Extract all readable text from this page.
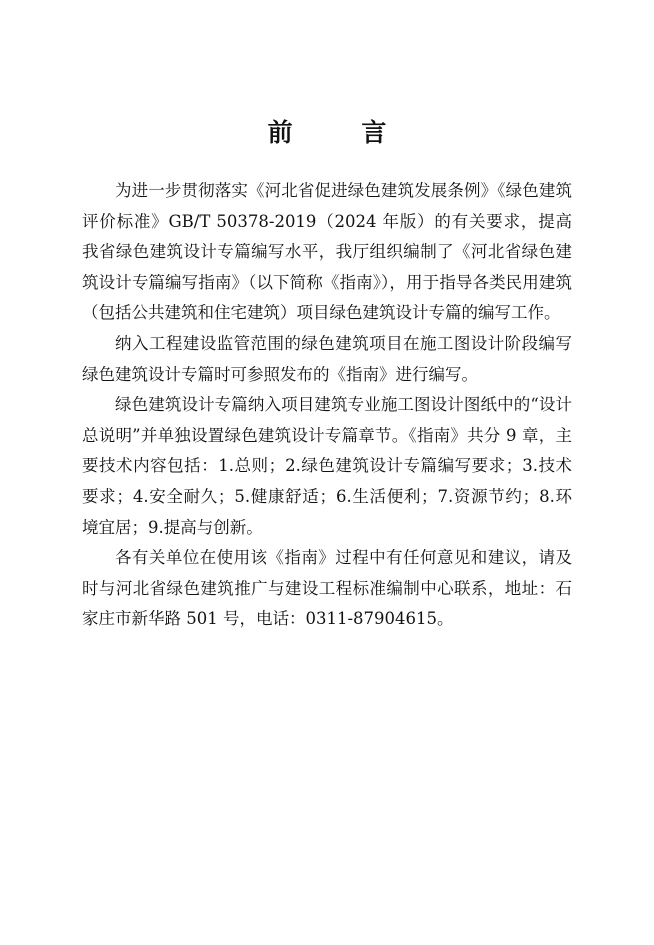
前 言

为进一步贯彻落实《河北省促进绿色建筑发展条例》《绿色建筑评价标准》GB/T 50378-2019（2024 年版）的有关要求，提高我省绿色建筑设计专篇编写水平，我厅组织编制了《河北省绿色建筑设计专篇编写指南》（以下简称《指南》），用于指导各类民用建筑（包括公共建筑和住宅建筑）项目绿色建筑设计专篇的编写工作。

纳入工程建设监管范围的绿色建筑项目在施工图设计阶段编写绿色建筑设计专篇时可参照发布的《指南》进行编写。

绿色建筑设计专篇纳入项目建筑专业施工图设计图纸中的“设计总说明”并单独设置绿色建筑设计专篇章节。《指南》共分 9 章，主要技术内容包括：1.总则；2.绿色建筑设计专篇编写要求；3.技术要求；4.安全耐久；5.健康舒适；6.生活便利；7.资源节约；8.环境宜居；9.提高与创新。

各有关单位在使用该《指南》过程中有任何意见和建议，请及时与河北省绿色建筑推广与建设工程标准编制中心联系，地址：石家庄市新华路 501 号，电话：0311-87904615。
